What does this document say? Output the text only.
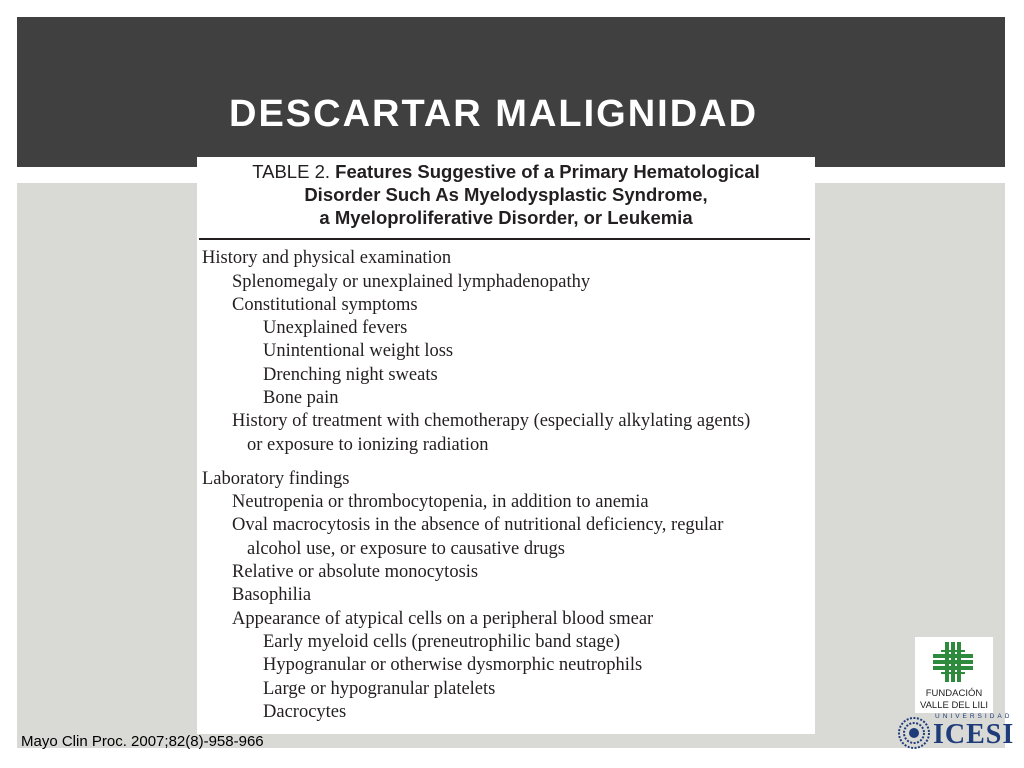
DESCARTAR MALIGNIDAD
TABLE 2. Features Suggestive of a Primary Hematological
Disorder Such As Myelodysplastic Syndrome,
a Myeloproliferative Disorder, or Leukemia
History and physical examination
Splenomegaly or unexplained lymphadenopathy
Constitutional symptoms
Unexplained fevers
Unintentional weight loss
Drenching night sweats
Bone pain
History of treatment with chemotherapy (especially alkylating agents)
or exposure to ionizing radiation
Laboratory findings
Neutropenia or thrombocytopenia, in addition to anemia
Oval macrocytosis in the absence of nutritional deficiency, regular
alcohol use, or exposure to causative drugs
Relative or absolute monocytosis
Basophilia
Appearance of atypical cells on a peripheral blood smear
Early myeloid cells (preneutrophilic band stage)
Hypogranular or otherwise dysmorphic neutrophils
Large or hypogranular platelets
Dacrocytes
Mayo Clin Proc. 2007;82(8)-958-966
FUNDACIÓN
VALLE DEL LILI
UNIVERSIDAD
ICESI
